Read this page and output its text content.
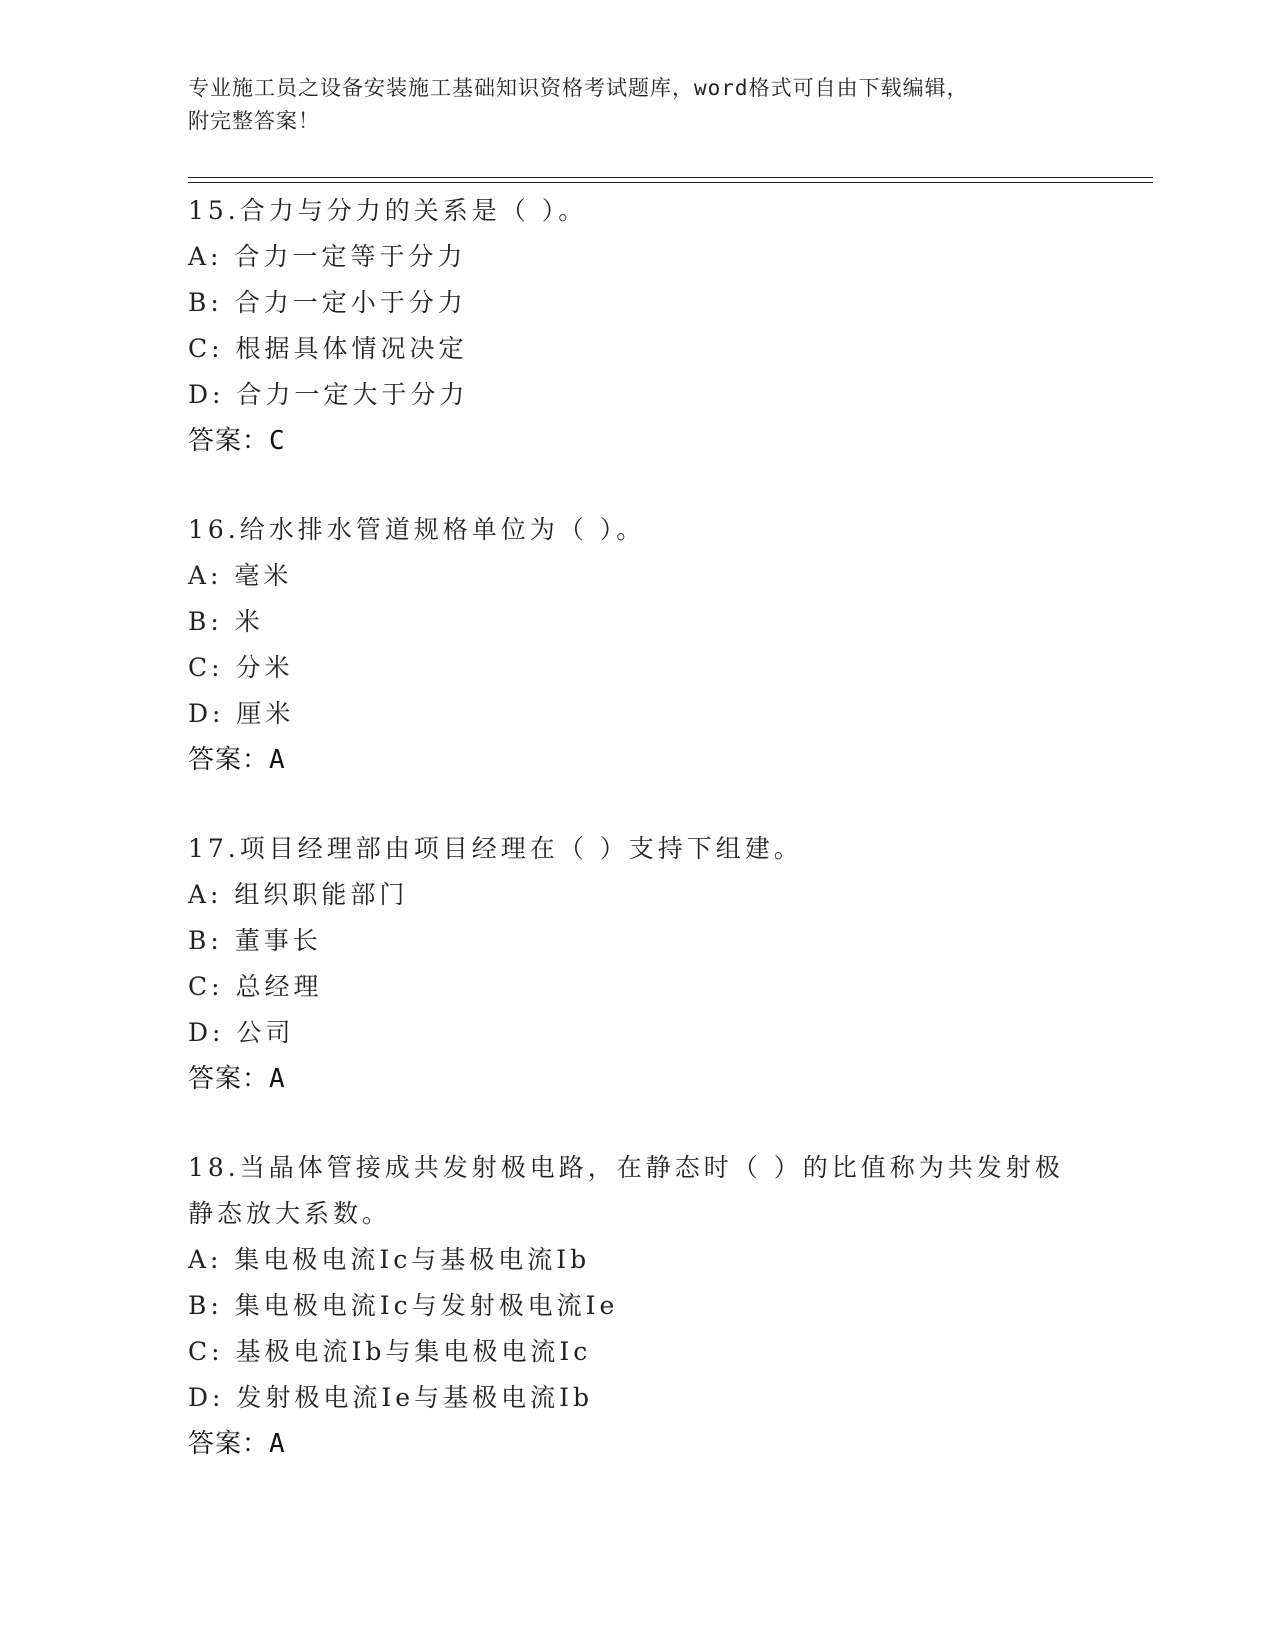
专业施工员之设备安装施工基础知识资格考试题库，word格式可自由下载编辑，
附完整答案！
15.合力与分力的关系是（ ）。
A: 合力一定等于分力
B: 合力一定小于分力
C: 根据具体情况决定
D: 合力一定大于分力
答案：C
16.给水排水管道规格单位为（ ）。
A: 毫米
B: 米
C: 分米
D: 厘米
答案：A
17.项目经理部由项目经理在（ ）支持下组建。
A: 组织职能部门
B: 董事长
C: 总经理
D: 公司
答案：A
18.当晶体管接成共发射极电路，在静态时（ ）的比值称为共发射极
静态放大系数。
A: 集电极电流Ic与基极电流Ib
B: 集电极电流Ic与发射极电流Ie
C: 基极电流Ib与集电极电流Ic
D: 发射极电流Ie与基极电流Ib
答案：A
